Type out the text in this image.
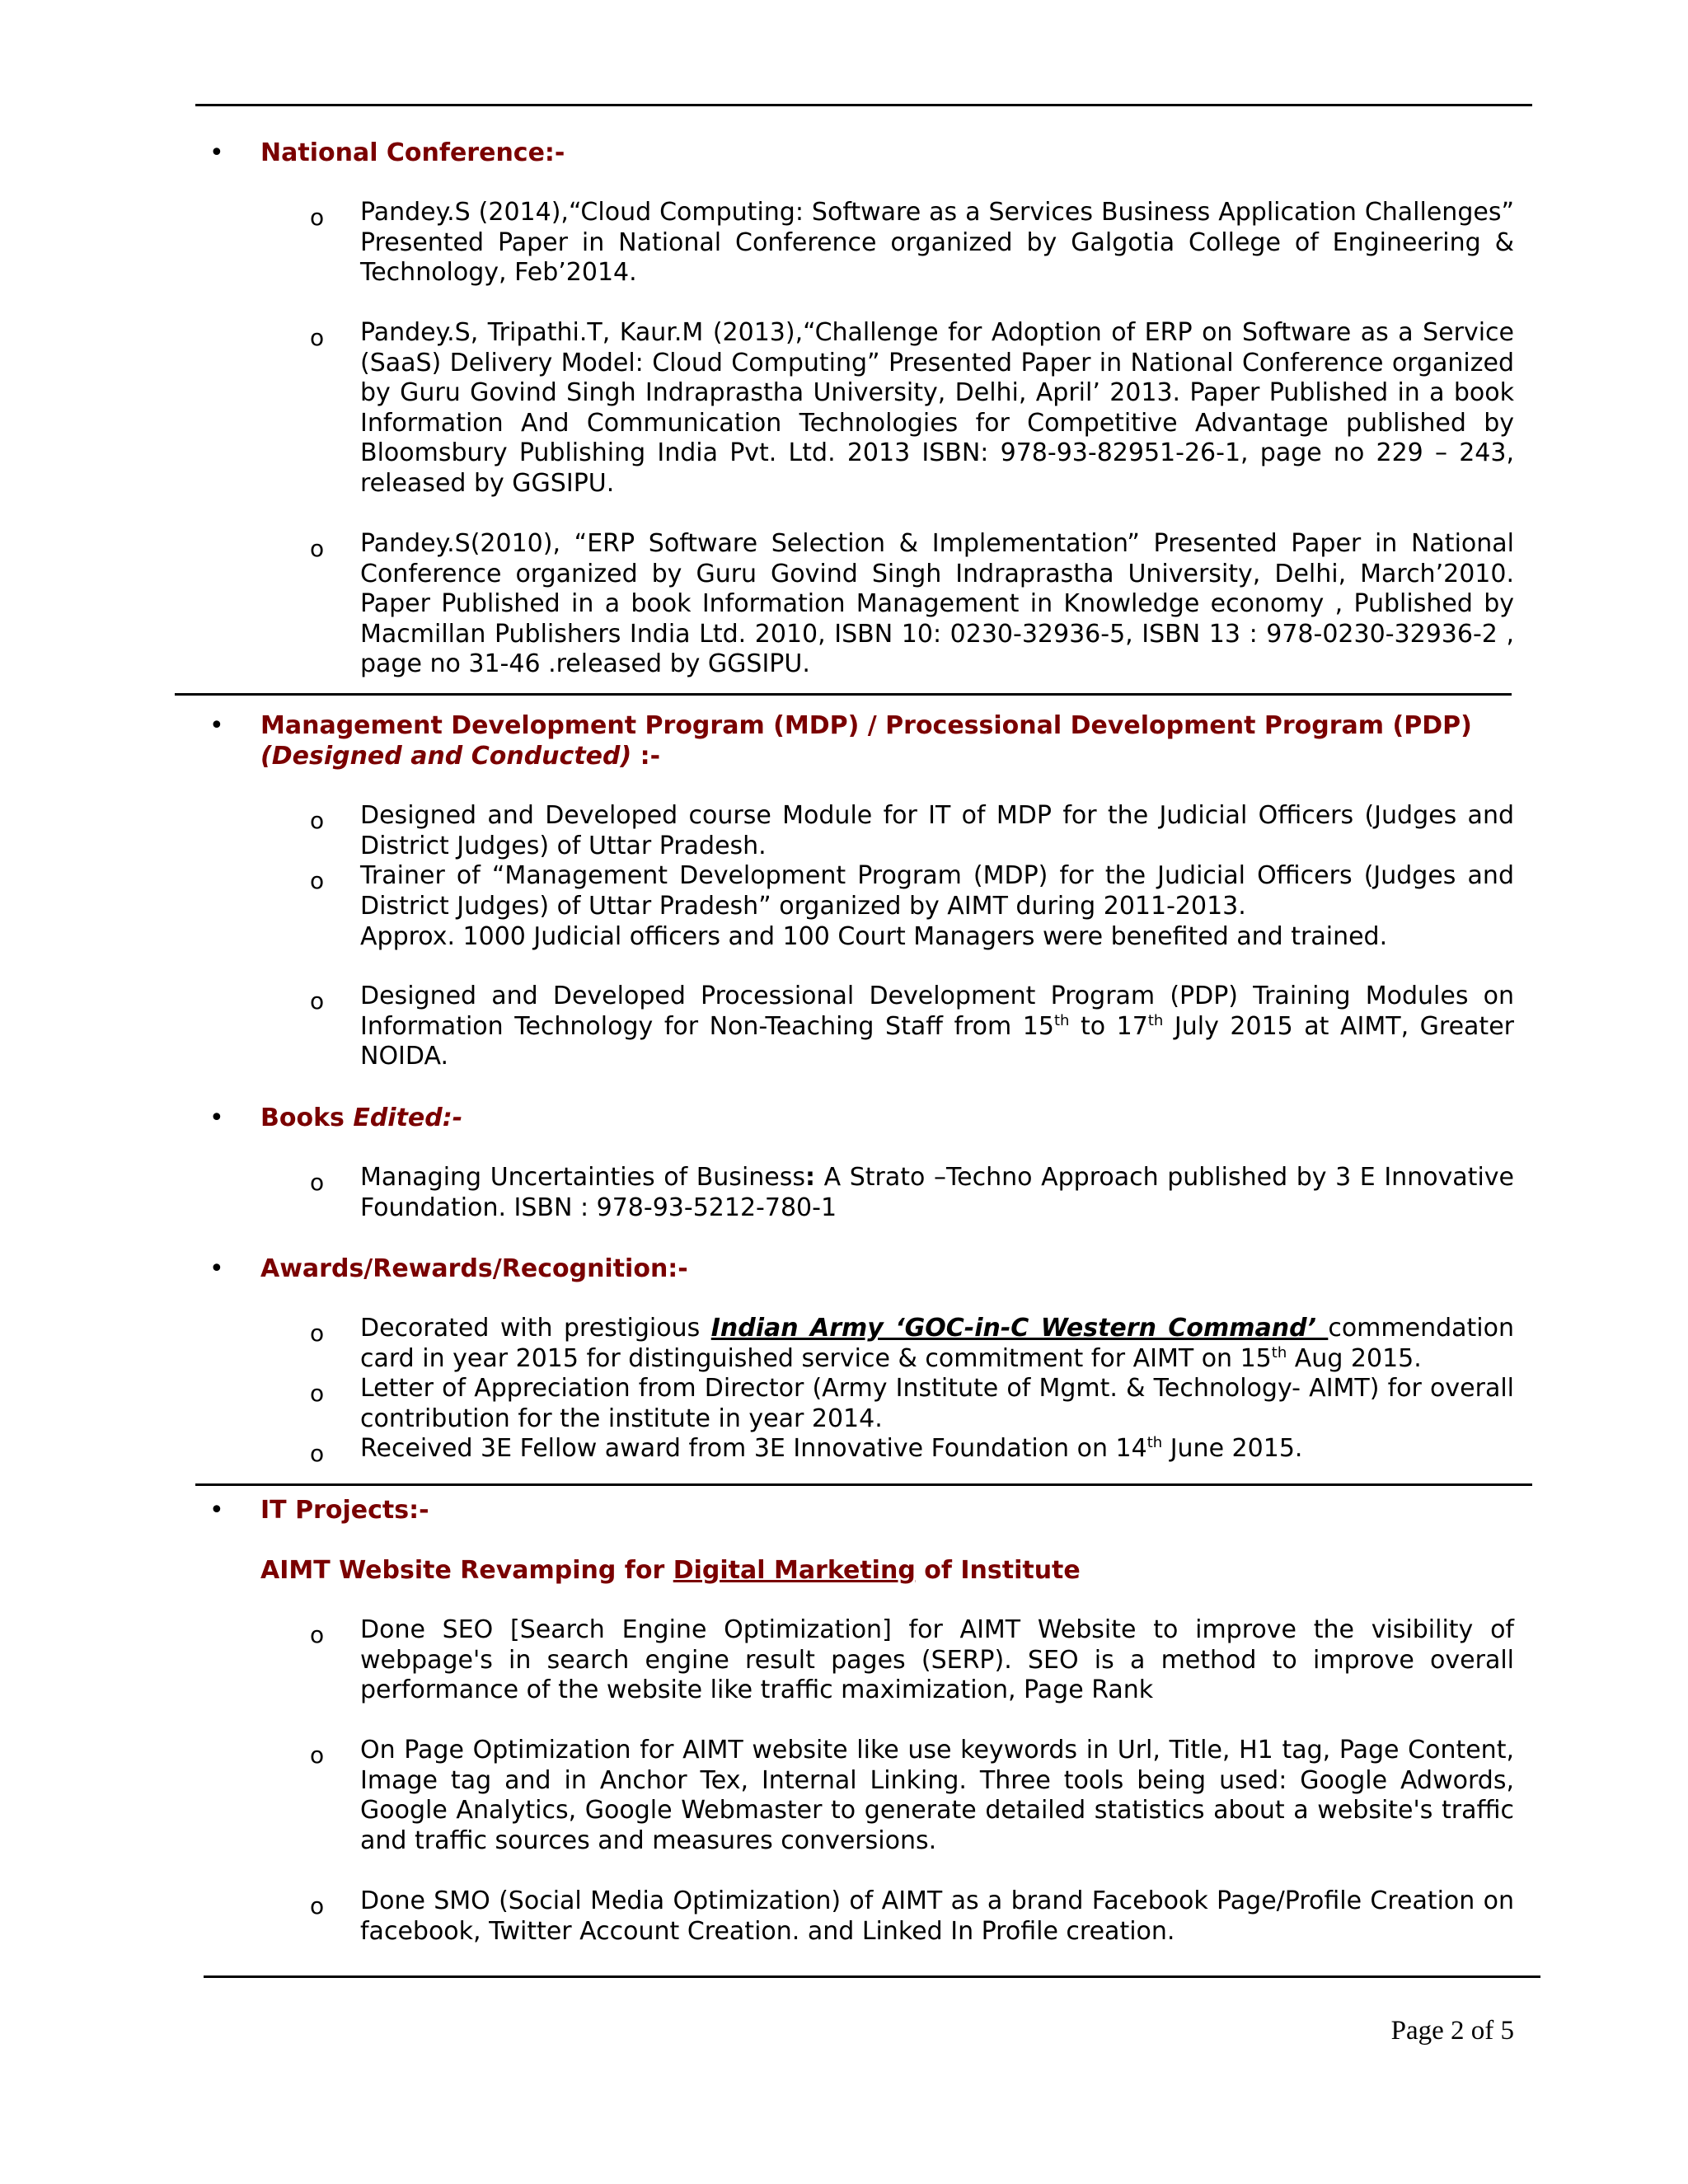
• National Conference:-
o Pandey.S (2014),“Cloud Computing: Software as a Services Business Application Challenges” Presented Paper in National Conference organized by Galgotia College of Engineering & Technology, Feb’2014.
o Pandey.S, Tripathi.T, Kaur.M (2013),“Challenge for Adoption of ERP on Software as a Service (SaaS) Delivery Model: Cloud Computing” Presented Paper in National Conference organized by Guru Govind Singh Indraprastha University, Delhi, April’ 2013. Paper Published in a book Information And Communication Technologies for Competitive Advantage published by Bloomsbury Publishing India Pvt. Ltd. 2013 ISBN: 978-93-82951-26-1, page no 229 – 243, released by GGSIPU.
o Pandey.S(2010), “ERP Software Selection & Implementation” Presented Paper in National Conference organized by Guru Govind Singh Indraprastha University, Delhi, March’2010. Paper Published in a book Information Management in Knowledge economy , Published by Macmillan Publishers India Ltd. 2010, ISBN 10: 0230-32936-5, ISBN 13 : 978-0230-32936-2 , page no 31-46 .released by GGSIPU.
• Management Development Program (MDP) / Processional Development Program (PDP)
(Designed and Conducted) :-
o Designed and Developed course Module for IT of MDP for the Judicial Officers (Judges and District Judges) of Uttar Pradesh.
o Trainer of “Management Development Program (MDP) for the Judicial Officers (Judges and District Judges) of Uttar Pradesh” organized by AIMT during 2011-2013.
Approx. 1000 Judicial officers and 100 Court Managers were benefited and trained.
o Designed and Developed Processional Development Program (PDP) Training Modules on Information Technology for Non-Teaching Staff from 15th to 17th July 2015 at AIMT, Greater NOIDA.
• Books Edited:-
o Managing Uncertainties of Business: A Strato –Techno Approach published by 3 E Innovative Foundation. ISBN : 978-93-5212-780-1
• Awards/Rewards/Recognition:-
o Decorated with prestigious Indian Army ‘GOC-in-C Western Command’ commendation card in year 2015 for distinguished service & commitment for AIMT on 15th Aug 2015.
o Letter of Appreciation from Director (Army Institute of Mgmt. & Technology- AIMT) for overall contribution for the institute in year 2014.
o Received 3E Fellow award from 3E Innovative Foundation on 14th June 2015.
• IT Projects:-
AIMT Website Revamping for Digital Marketing of Institute
o Done SEO [Search Engine Optimization] for AIMT Website to improve the visibility of webpage's in search engine result pages (SERP). SEO is a method to improve overall performance of the website like traffic maximization, Page Rank
o On Page Optimization for AIMT website like use keywords in Url, Title, H1 tag, Page Content, Image tag and in Anchor Tex, Internal Linking. Three tools being used: Google Adwords, Google Analytics, Google Webmaster to generate detailed statistics about a website's traffic and traffic sources and measures conversions.
o Done SMO (Social Media Optimization) of AIMT as a brand Facebook Page/Profile Creation on facebook, Twitter Account Creation. and Linked In Profile creation.
Page 2 of 5
